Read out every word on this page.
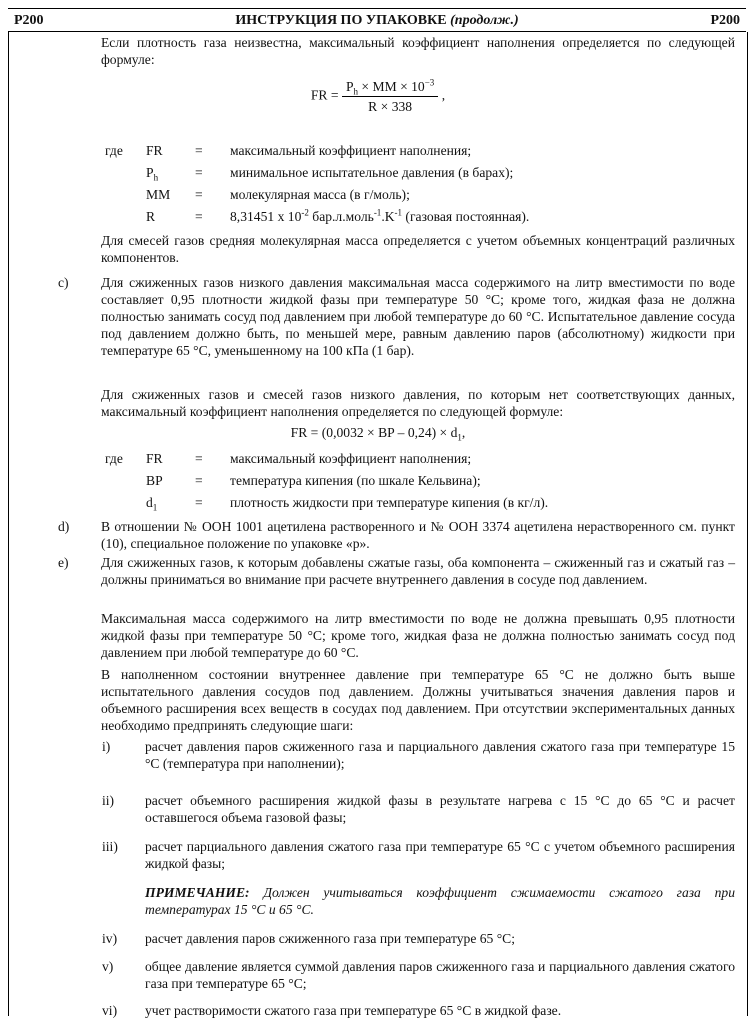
P200	ИНСТРУКЦИЯ ПО УПАКОВКЕ (продолж.)	P200
Если плотность газа неизвестна, максимальный коэффициент наполнения определяется по следующей формуле:
FR = $\frac{P_h \times MM \times 10^{-3}}{R \times 338}$ ,
где FR = максимальный коэффициент наполнения;
$P_h$	= минимальное испытательное давления (в барах);
MM = молекулярная масса (в г/моль);
R	= 8,31451 x $10^{-2}$ $бар.л.моль^{-1}.K^{-1}$ (газовая постоянная).
Для смесей газов средняя молекулярная масса определяется с учетом объемных концентраций различных компонентов.
c) Для сжиженных газов низкого давления максимальная масса содержимого на литр вместимости по воде составляет 0,95 плотности жидкой фазы при температуре 50 °C; кроме того, жидкая фаза не должна полностью занимать сосуд под давлением при любой температуре до 60 °C. Испытательное давление сосуда под давлением должно быть, по меньшей мере, равным давлению паров (абсолютному) жидкости при температуре 65 °C, уменьшенному на 100 кПа (1 бар).
Для сжиженных газов и смесей газов низкого давления, по которым нет соответствующих данных, максимальный коэффициент наполнения определяется по следующей формуле:
FR = (0,0032 × BP – $0,24) \times d_1$,
где FR = максимальный коэффициент наполнения;
BP = температура кипения (по шкале Кельвина);
$d_1$	= плотность жидкости при температуре кипения (в кг/л).
d) В отношении № ООН 1001 ацетилена растворенного и № ООН 3374 ацетилена нерастворенного см. пункт (10), специальное положение по упаковке «p».
e) Для сжиженных газов, к которым добавлены сжатые газы, оба компонента – сжиженный газ и сжатый газ – должны приниматься во внимание при расчете внутреннего давления в сосуде под давлением.
Максимальная масса содержимого на литр вместимости по воде не должна превышать 0,95 плотности жидкой фазы при температуре 50 °C; кроме того, жидкая фаза не должна полностью занимать сосуд под давлением при любой температуре до 60 °C.
В наполненном состоянии внутреннее давление при температуре 65 °C не должно быть выше испытательного давления сосудов под давлением. Должны учитываться значения давления паров и объемного расширения всех веществ в сосудах под давлением. При отсутствии экспериментальных данных необходимо предпринять следующие шаги:
i)	расчет давления паров сжиженного газа и парциального давления сжатого газа при температуре 15 °C (температура при наполнении);
ii) расчет объемного расширения жидкой фазы в результате нагрева с 15 °C до 65 °C и расчет оставшегося объема газовой фазы;
iii) расчет парциального давления сжатого газа при температуре 65 °C с учетом объемного расширения жидкой фазы;
ПРИМЕЧАНИЕ: Должен учитываться коэффициент сжимаемости сжатого газа при температурах 15 °C и 65 °C.
iv) расчет давления паров сжиженного газа при температуре 65 °C;
v) общее давление является суммой давления паров сжиженного газа и парциального давления сжатого газа при температуре 65 °C;
vi) учет растворимости сжатого газа при температуре 65 °C в жидкой фазе.
